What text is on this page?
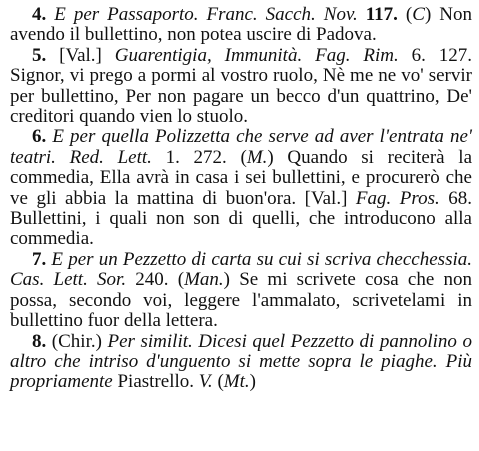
4. E per Passaporto. Franc. Sacch. Nov. 117. (C) Non avendo il bullettino, non potea uscire di Padova.

5. [Val.] Guarentigia, Immunità. Fag. Rim. 6. 127. Signor, vi prego a pormi al vostro ruolo, Nè me ne vo' servir per bullettino, Per non pagare un becco d'un quattrino, De' creditori quando vien lo stuolo.

6. E per quella Polizzetta che serve ad aver l'entrata ne' teatri. Red. Lett. 1. 272. (M.) Quando si reciterà la commedia, Ella avrà in casa i sei bullettini, e procurerò che ve gli abbia la mattina di buon'ora. [Val.] Fag. Pros. 68. Bullettini, i quali non son di quelli, che introducono alla commedia.

7. E per un Pezzetto di carta su cui si scriva checchessia. Cas. Lett. Sor. 240. (Man.) Se mi scrivete cosa che non possa, secondo voi, leggere l'ammalato, scrivetelami in bullettino fuor della lettera.

8. (Chir.) Per similit. Dicesi quel Pezzetto di pannolino o altro che intriso d'unguento si mette sopra le piaghe. Più propriamente Piastrello. V. (Mt.)
